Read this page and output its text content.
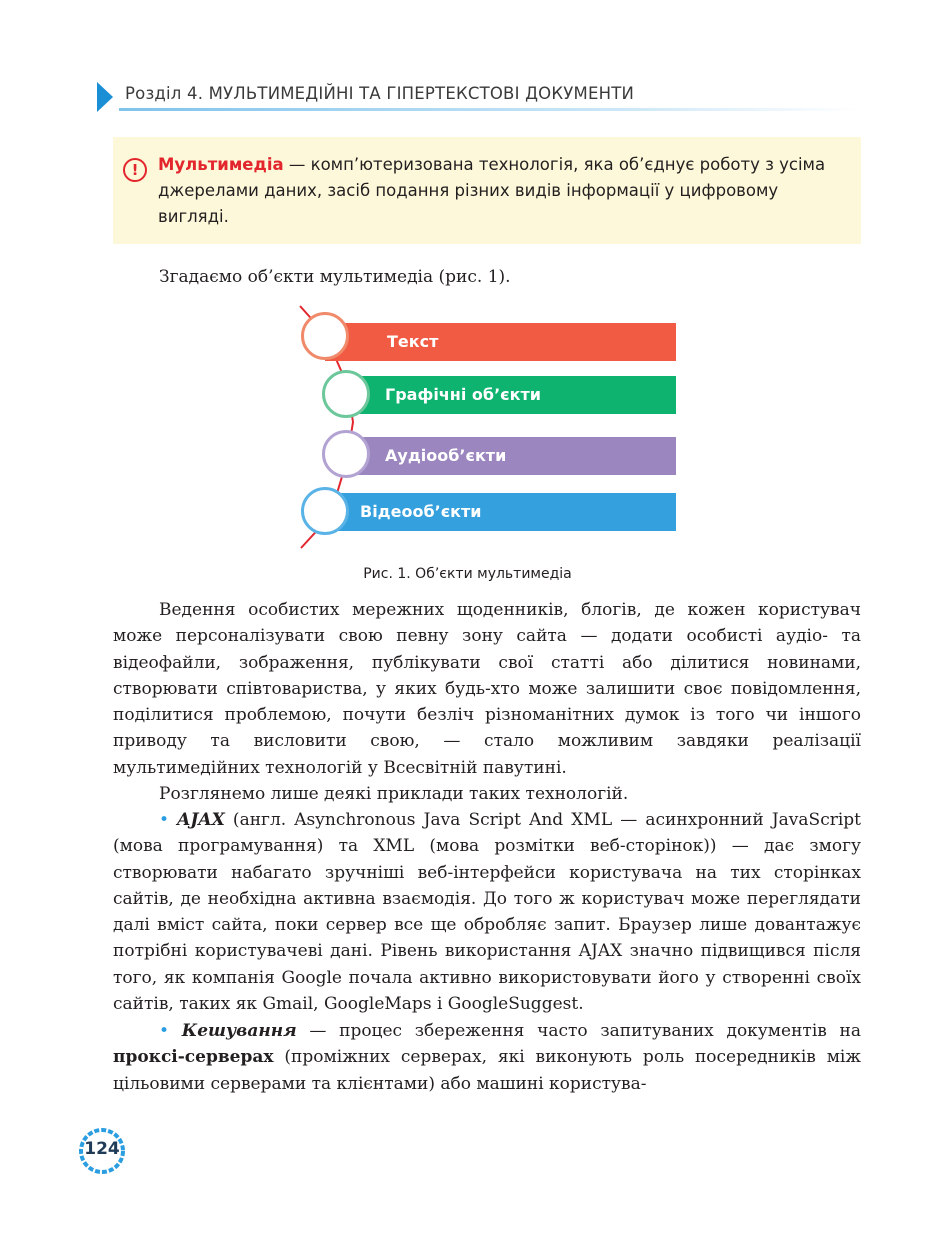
Розділ 4. МУЛЬТИМЕДІЙНІ ТА ГІПЕРТЕКСТОВІ ДОКУМЕНТИ
!	Мультимедіа — комп’ютеризована технологія, яка об’єднує роботу з усіма джерелами даних, засіб подання різних видів інформації у цифровому вигляді.
Згадаємо об’єкти мультимедіа (рис. 1).
Текст
Графічні об’єкти
Аудіооб’єкти
Відеооб’єкти
Рис. 1. Об’єкти мультимедіа
Ведення особистих мережних щоденників, блогів, де кожен користувач може персоналізувати свою певну зону сайта — додати особисті аудіо- та відеофайли, зображення, публікувати свої статті або ділитися новинами, створювати співтовариства, у яких будь-хто може залишити своє повідомлення, поділитися проблемою, почути безліч різноманітних думок із того чи іншого приводу та висловити свою, — стало можливим завдяки реалізації мультимедійних технологій у Всесвітній павутині.
Розглянемо лише деякі приклади таких технологій.
• AJAX (англ. Asynchronous Java Script And XML — асинхронний JavaScript (мова програмування) та XML (мова розмітки веб-сторінок)) — дає змогу створювати набагато зручніші веб-інтерфейси користувача на тих сторінках сайтів, де необхідна активна взаємодія. До того ж користувач може переглядати далі вміст сайта, поки сервер все ще обробляє запит. Браузер лише довантажує потрібні користувачеві дані. Рівень використання AJAX значно підвищився після того, як компанія Google почала активно використовувати його у створенні своїх сайтів, таких як Gmail, GoogleMaps і GoogleSuggest.
• Кешування — процес збереження часто запитуваних документів на проксі-серверах (проміжних серверах, які виконують роль посередників між цільовими серверами та клієнтами) або машині користува-
124
